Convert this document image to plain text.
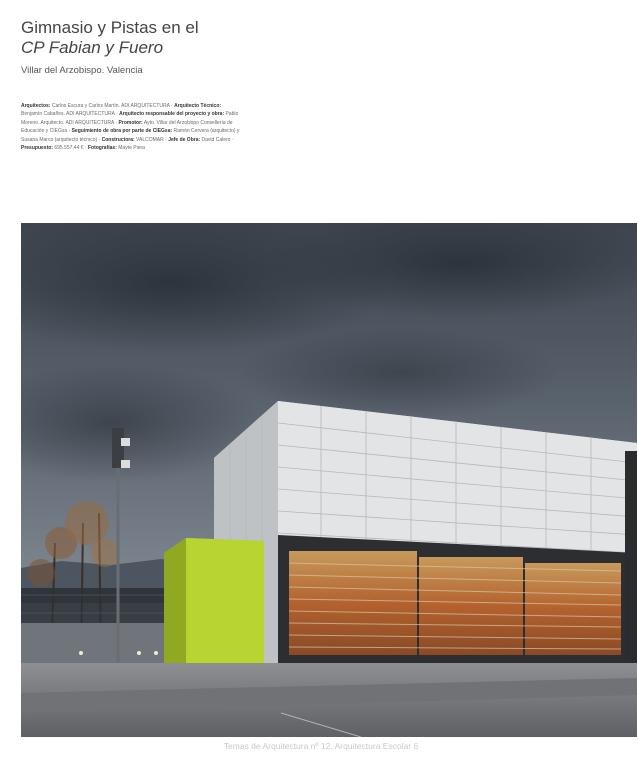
Gimnasio y Pistas en el
CP Fabian y Fuero
Villar del Arzobispo. Valencia
Arquitectos: Carlos Escura y Carlos Martín. ADI ARQUITECTURA · Arquitecto Técnico: Benjamín Cabañes. ADI ARQUITECTURA · Arquitecto responsable del proyecto y obra: Pablo Moreno. Arquitecto. ADI ARQUITECTURA · Promotor: Ayto. Villar del Arzobispo Consellería de Educación y CIEGsa · Seguimiento de obra por parte de CIEGsa: Ramón Cervera (arquitecto) y Susana Marco (arquitecto técnico) · Constructora: VALCOMAR · Jefe de Obra: David Calero · Presupuesto: 695.557,44 € · Fotografías: Mayte Piera
Temas de Arquitectura nº 12. Arquitectura Escolar 6
